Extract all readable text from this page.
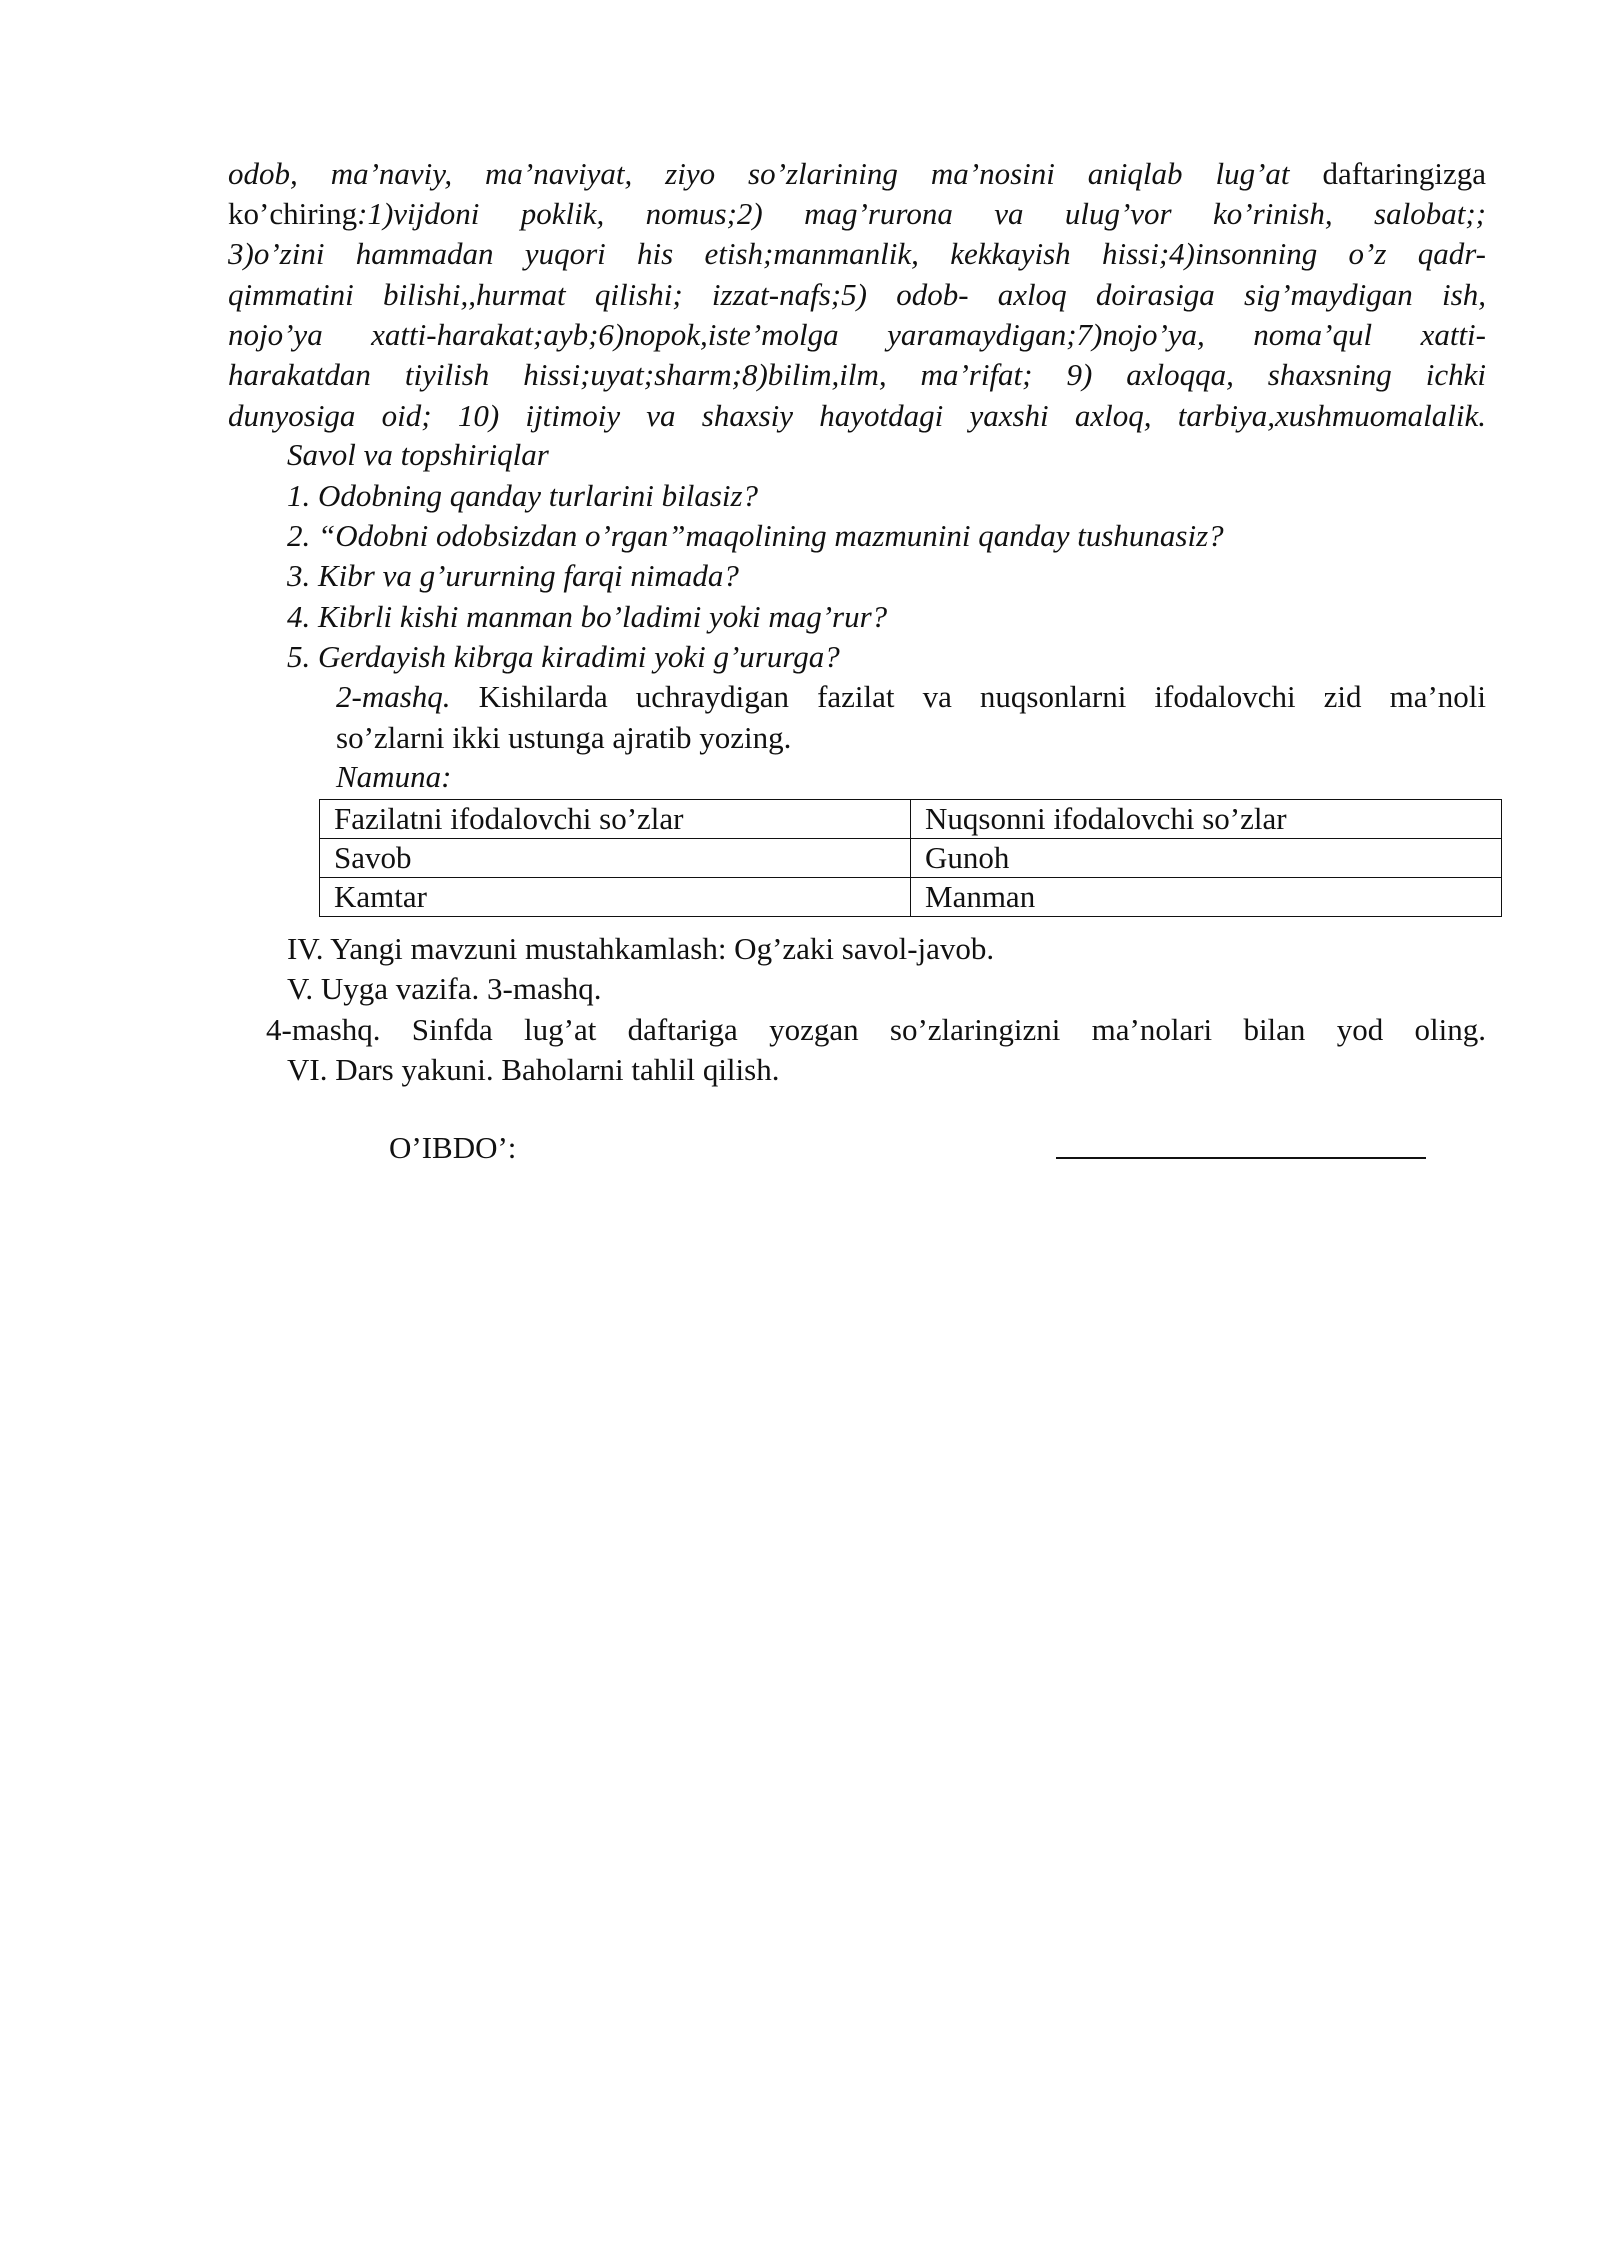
odob, ma’naviy, ma’naviyat, ziyo so’zlarining ma’nosini aniqlab lug’at daftaringizga
ko’chiring:1)vijdoni poklik, nomus;2) mag’rurona va ulug’vor ko’rinish, salobat;;
3)o’zini hammadan yuqori his etish;manmanlik, kekkayish hissi;4)insonning o’z qadr-
qimmatini bilishi,,hurmat qilishi; izzat-nafs;5) odob- axloq doirasiga sig’maydigan ish,
nojo’ya xatti-harakat;ayb;6)nopok,iste’molga yaramaydigan;7)nojo’ya, noma’qul xatti-
harakatdan tiyilish hissi;uyat;sharm;8)bilim,ilm, ma’rifat; 9) axloqqa, shaxsning ichki
dunyosiga oid; 10) ijtimoiy va shaxsiy hayotdagi yaxshi axloq, tarbiya,xushmuomalalik.
Savol va topshiriqlar
1. Odobning qanday turlarini bilasiz?
2. “Odobni odobsizdan o’rgan”maqolining mazmunini qanday tushunasiz?
3. Kibr va g’ururning farqi nimada?
4. Kibrli kishi manman bo’ladimi yoki mag’rur?
5. Gerdayish kibrga kiradimi yoki g’ururga?
2-mashq. Kishilarda uchraydigan fazilat va nuqsonlarni ifodalovchi zid ma’noli
so’zlarni ikki ustunga ajratib yozing.
Namuna:
Fazilatni ifodalovchi so’zlar	Nuqsonni ifodalovchi so’zlar
Savob	Gunoh
Kamtar	Manman
IV. Yangi mavzuni mustahkamlash: Og’zaki savol-javob.
V. Uyga vazifa. 3-mashq.
4-mashq. Sinfda lug’at daftariga yozgan so’zlaringizni ma’nolari bilan yod oling.
VI. Dars yakuni. Baholarni tahlil qilish.
O’IBDO’:
